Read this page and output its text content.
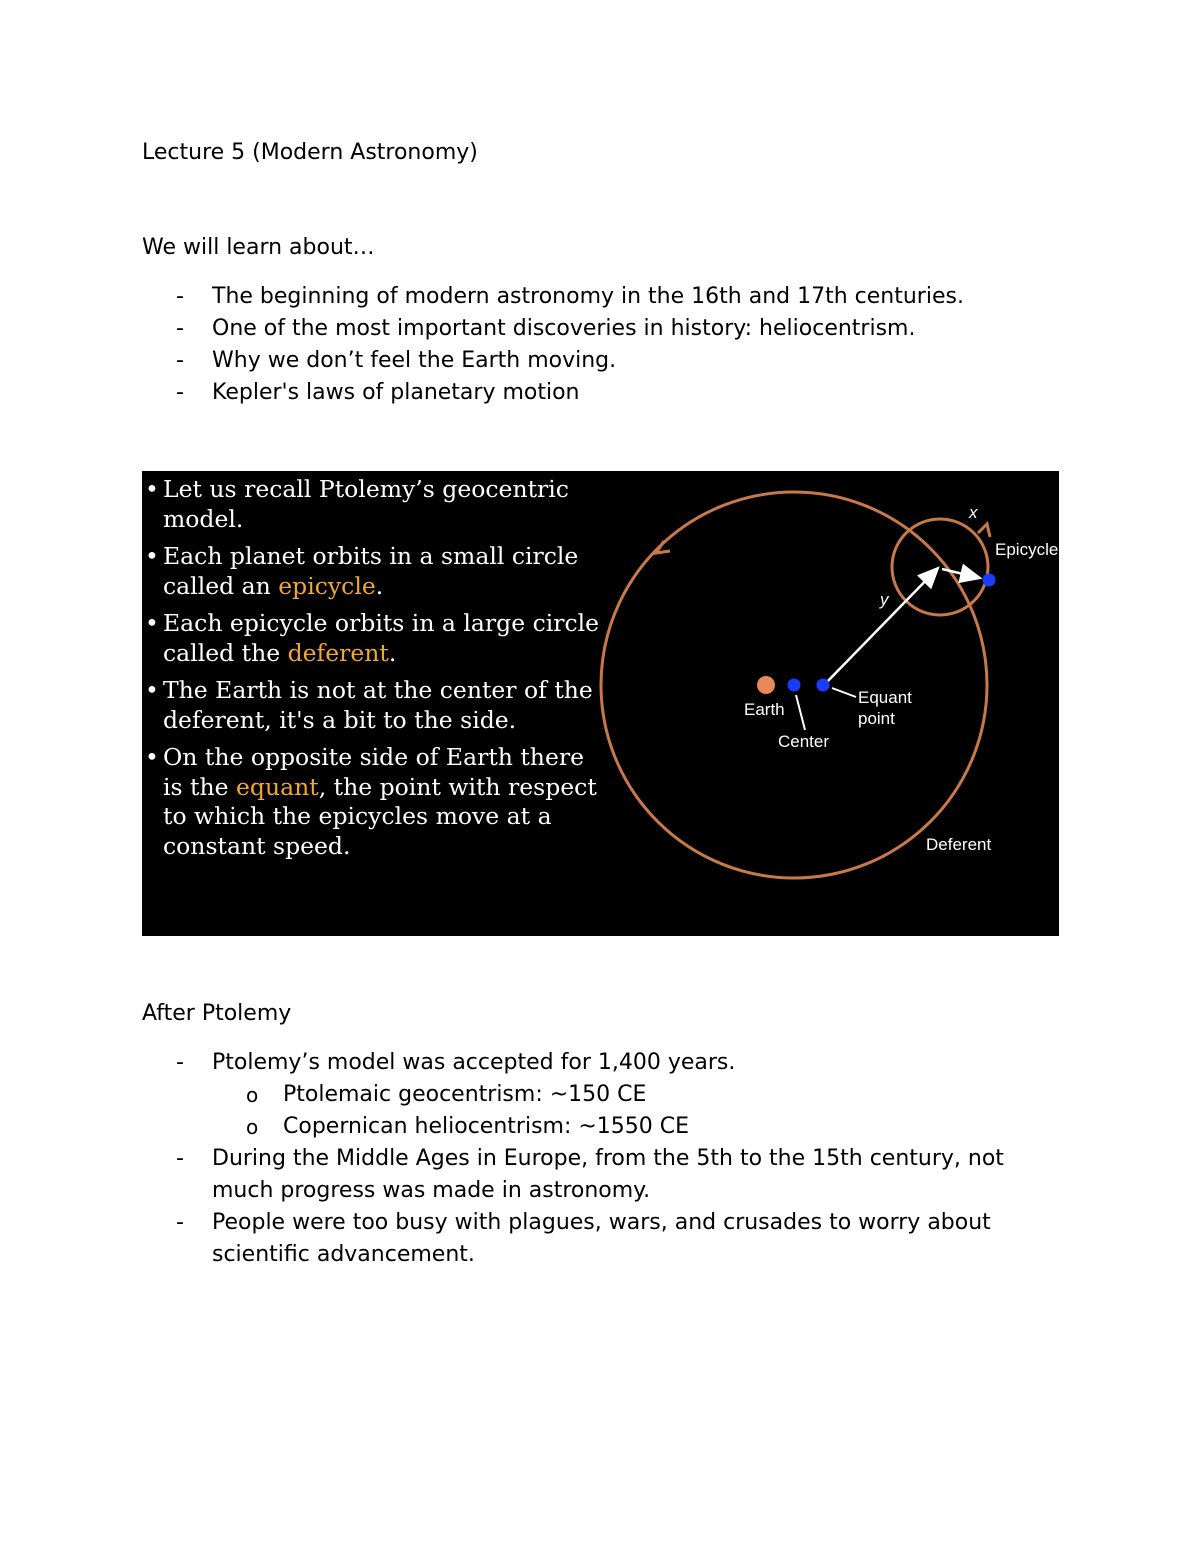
Lecture 5 (Modern Astronomy)
We will learn about…
- The beginning of modern astronomy in the 16th and 17th centuries.
- One of the most important discoveries in history: heliocentrism.
- Why we don’t feel the Earth moving.
- Kepler's laws of planetary motion
• Let us recall Ptolemy’s geocentric model.
• Each planet orbits in a small circle called an epicycle.
• Each epicycle orbits in a large circle called the deferent.
• The Earth is not at the center of the deferent, it's a bit to the side.
• On the opposite side of Earth there is the equant, the point with respect to which the epicycles move at a constant speed.
Epicycle
x
y
Earth
Center
Equant
point
Deferent
After Ptolemy
- Ptolemy’s model was accepted for 1,400 years.
o Ptolemaic geocentrism: ~150 CE
o Copernican heliocentrism: ~1550 CE
- During the Middle Ages in Europe, from the 5th to the 15th century, not much progress was made in astronomy.
- People were too busy with plagues, wars, and crusades to worry about scientific advancement.
